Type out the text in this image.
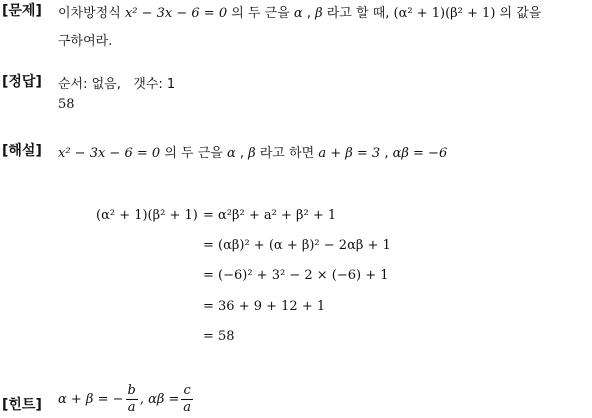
[문제] 이차방정식 x² − 3x − 6 = 0 의 두 근을 α , β 라고 할 때, (α² + 1)(β² + 1) 의 값을
구하여라.
[정답] 순서: 없음,   갯수: 1
58
[해설] x² − 3x − 6 = 0 의 두 근을 α , β 라고 하면 a + β = 3 , αβ = −6
(α² + 1)(β² + 1) = α²β² + a² + β² + 1
= (αβ)² + (α + β)² − 2αβ + 1
= (−6)² + 3² − 2 × (−6) + 1
= 36 + 9 + 12 + 1
= 58
[힌트] α + β = − $\frac{b}{a}$ , $\alpha\beta = \frac{c}{a}$
